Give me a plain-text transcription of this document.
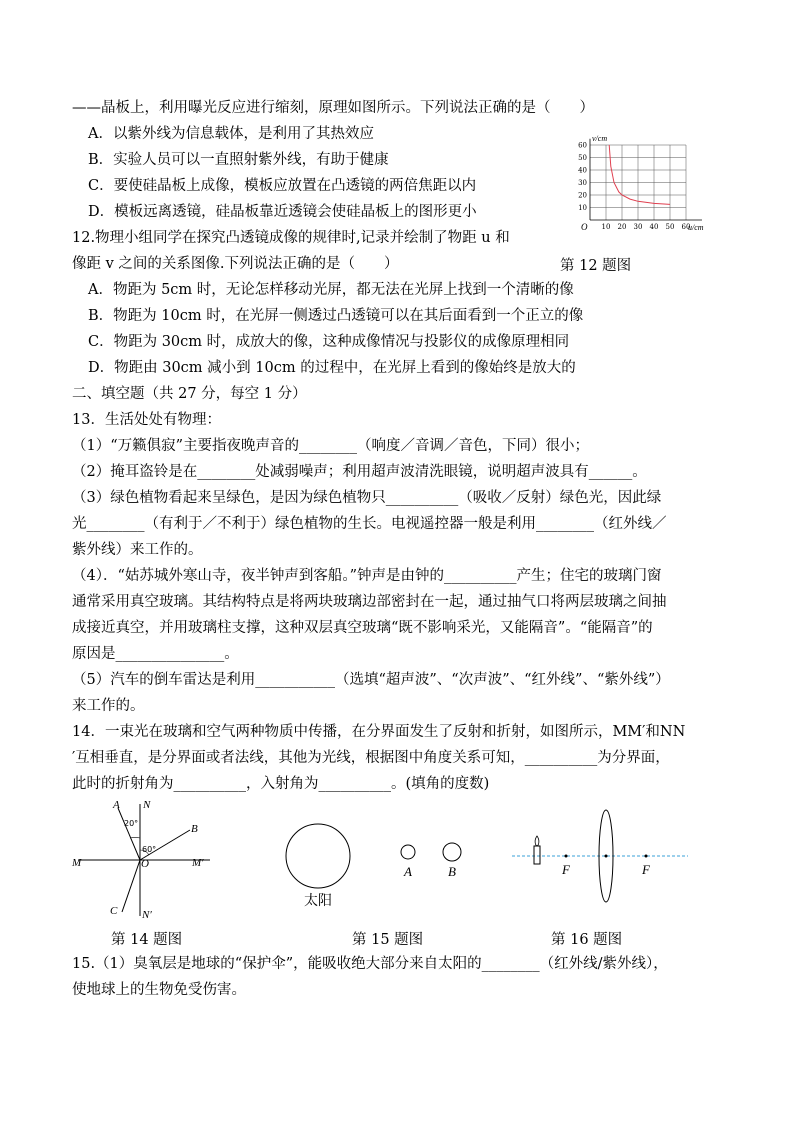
——晶板上，利用曝光反应进行缩刻，原理如图所示。下列说法正确的是（　　）
A．以紫外线为信息载体，是利用了其热效应
B．实验人员可以一直照射紫外线，有助于健康
C．要使硅晶板上成像，模板应放置在凸透镜的两倍焦距以内
D．模板远离透镜，硅晶板靠近透镜会使硅晶板上的图形更小
12.物理小组同学在探究凸透镜成像的规律时,记录并绘制了物距 u 和
像距 v 之间的关系图像.下列说法正确的是（　　）	第 12 题图
A．物距为 5cm 时，无论怎样移动光屏，都无法在光屏上找到一个清晰的像
B．物距为 10cm 时，在光屏一侧透过凸透镜可以在其后面看到一个正立的像
C．物距为 30cm 时，成放大的像，这种成像情况与投影仪的成像原理相同
D．物距由 30cm 减小到 10cm 的过程中，在光屏上看到的像始终是放大的
10 20 30 40 50 60
10
20
30
40
50
60
v/cm
u/cm
O
二、填空题（共 27 分，每空 1 分）
13．生活处处有物理：
（1）“万籁俱寂”主要指夜晚声音的________（响度／音调／音色，下同）很小；
（2）掩耳盗铃是在________处减弱噪声；利用超声波清洗眼镜，说明超声波具有______。
（3）绿色植物看起来呈绿色，是因为绿色植物只__________（吸收／反射）绿色光，因此绿
光________（有利于／不利于）绿色植物的生长。电视遥控器一般是利用________（红外线／
紫外线）来工作的。
（4）．“姑苏城外寒山寺，夜半钟声到客船。”钟声是由钟的__________产生；住宅的玻璃门窗
通常采用真空玻璃。其结构特点是将两块玻璃边部密封在一起，通过抽气口将两层玻璃之间抽
成接近真空，并用玻璃柱支撑，这种双层真空玻璃“既不影响采光，又能隔音”。“能隔音”的
原因是_______________。
（5）汽车的倒车雷达是利用___________（选填“超声波”、“次声波”、“红外线”、“紫外线”）
来工作的。
14．一束光在玻璃和空气两种物质中传播，在分界面发生了反射和折射，如图所示，MM′和NN
′互相垂直，是分界面或者法线，其他为光线，根据图中角度关系可知，__________为分界面，
此时的折射角为__________，入射角为__________。(填角的度数)
A N
B
M	O	M′
C N′
20°
60°
太阳
A	B	F	F
第 14 题图	第 15 题图	第 16 题图
15.（1）臭氧层是地球的“保护伞”，能吸收绝大部分来自太阳的________（红外线/紫外线），
使地球上的生物免受伤害。
